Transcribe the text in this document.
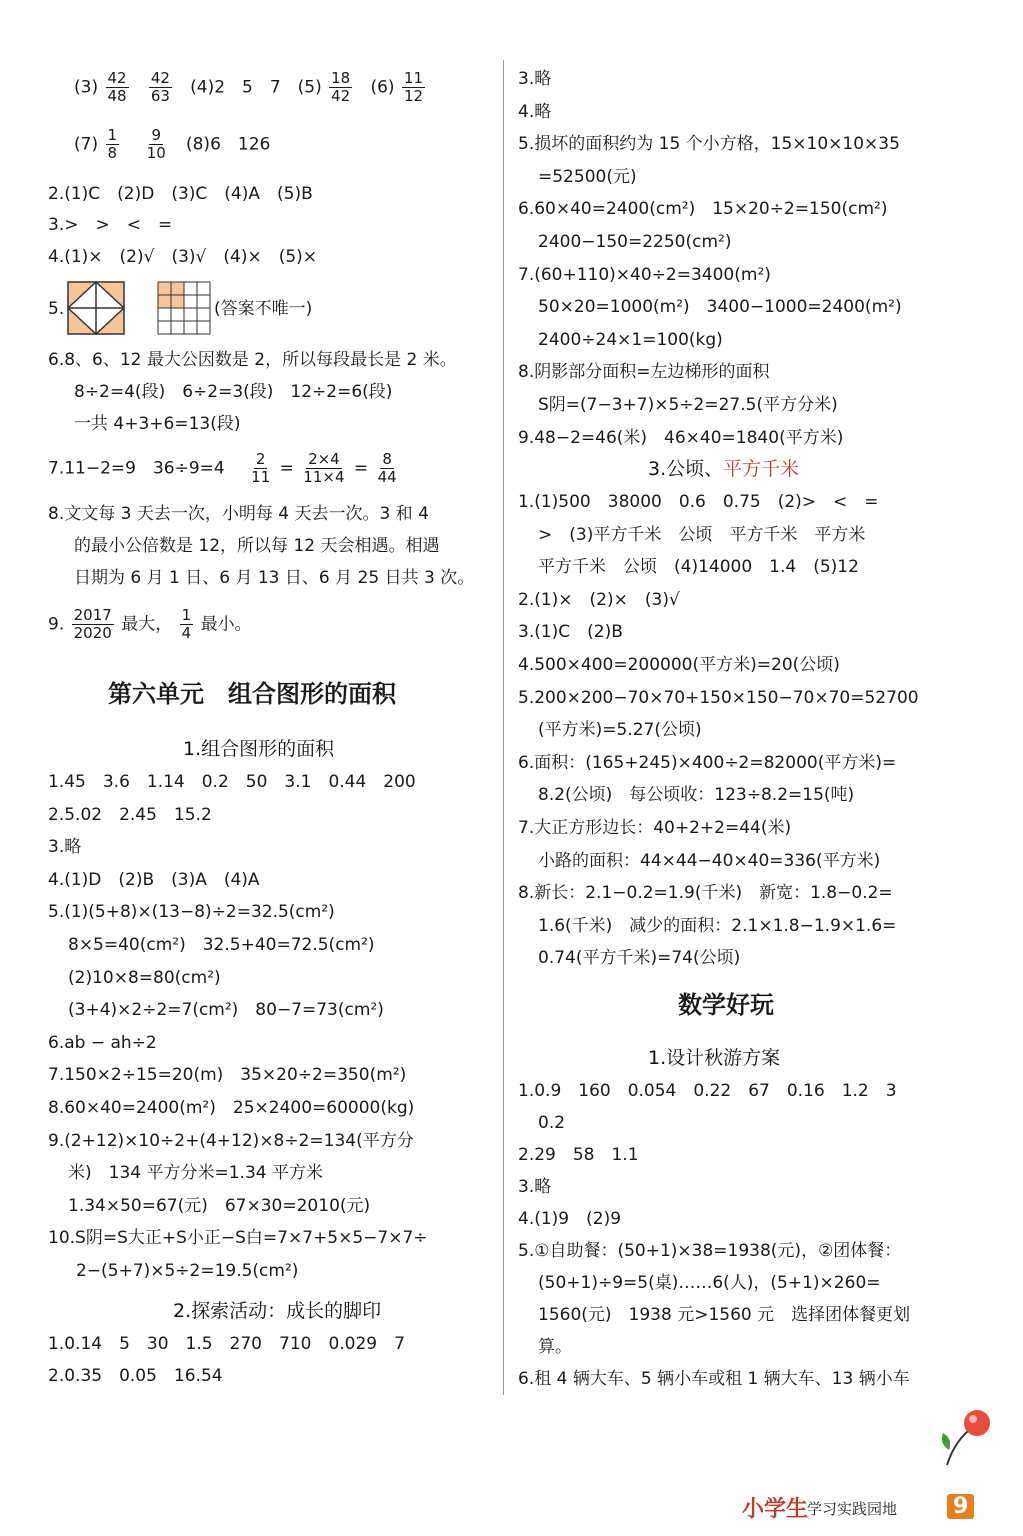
$(3) \frac{42}{48}$
$\frac{42}{63} (4)2$　5　7　$(5) \frac{18}{42} (6) \frac{11}{12}$
$(7) \frac{1}{8}$
$\frac{9}{10} (8)6$　126
2.(1)C　(2)D　(3)C　(4)A　(5)B
3.>　>　<　=
4.(1)×　(2)√　(3)√　(4)×　(5)×
5.	(答案不唯一)
6.8、6、12 最大公因数是 2，所以每段最长是 2 米。
8÷2=4(段)　6÷2=3(段)　12÷2=6(段)
一共 4+3+6=13(段)
7.11−2=9　36÷9=4　 $\frac{2}{11} = \frac{2\times 4}{11\times 4} = \frac{8}{44}$
8.文文每 3 天去一次，小明每 4 天去一次。3 和 4
的最小公倍数是 12，所以每 12 天会相遇。相遇
日期为 6 月 1 日、6 月 13 日、6 月 25 日共 3 次。
9. $\frac{2017}{2020}$ 最大， $\frac{1}{4}$ 最小。
第六单元　组合图形的面积
1.组合图形的面积
1.45　3.6　1.14　0.2　50　3.1　0.44　200
2.5.02　2.45　15.2
3.略
4.(1)D　(2)B　(3)A　(4)A
5.(1)(5+8)×(13−8)÷2=32.5(cm²)
8×5=40(cm²)　32.5+40=72.5(cm²)
(2)10×8=80(cm²)
(3+4)×2÷2=7(cm²)　80−7=73(cm²)
6.ab − ah÷2
7.150×2÷15=20(m)　35×20÷2=350(m²)
8.60×40=2400(m²)　25×2400=60000(kg)
9.(2+12)×10÷2+(4+12)×8÷2=134(平方分
米)　134 平方分米=1.34 平方米
1.34×50=67(元)　67×30=2010(元)
10.S阴=S大正+S小正−S白=7×7+5×5−7×7÷
2−(5+7)×5÷2=19.5(cm²)
2.探索活动：成长的脚印
1.0.14　5　30　1.5　270　710　0.029　7
2.0.35　0.05　16.54
3.略
4.略
5.损坏的面积约为 15 个小方格，15×10×10×35
=52500(元)
6.60×40=2400(cm²)　15×20÷2=150(cm²)
2400−150=2250(cm²)
7.(60+110)×40÷2=3400(m²)
50×20=1000(m²)　3400−1000=2400(m²)
2400÷24×1=100(kg)
8.阴影部分面积=左边梯形的面积
S阴=(7−3+7)×5÷2=27.5(平方分米)
9.48−2=46(米)　46×40=1840(平方米)
3.公顷、平方千米
1.(1)500　38000　0.6　0.75　(2)>　<　=
>　(3)平方千米　公顷　平方千米　平方米
平方千米　公顷　(4)14000　1.4　(5)12
2.(1)×　(2)×　(3)√
3.(1)C　(2)B
4.500×400=200000(平方米)=20(公顷)
5.200×200−70×70+150×150−70×70=52700
(平方米)=5.27(公顷)
6.面积：(165+245)×400÷2=82000(平方米)=
8.2(公顷)　每公顷收：123÷8.2=15(吨)
7.大正方形边长：40+2+2=44(米)
小路的面积：44×44−40×40=336(平方米)
8.新长：2.1−0.2=1.9(千米)　新宽：1.8−0.2=
1.6(千米)　减少的面积：2.1×1.8−1.9×1.6=
0.74(平方千米)=74(公顷)
数学好玩
1.设计秋游方案
1.0.9　160　0.054　0.22　67　0.16　1.2　3
0.2
2.29　58　1.1
3.略
4.(1)9　(2)9
5.①自助餐：(50+1)×38=1938(元)，②团体餐：
(50+1)÷9=5(桌)……6(人)，(5+1)×260=
1560(元)　1938 元>1560 元　选择团体餐更划
算。
6.租 4 辆大车、5 辆小车或租 1 辆大车、13 辆小车
小学生
学习实践园地	9
